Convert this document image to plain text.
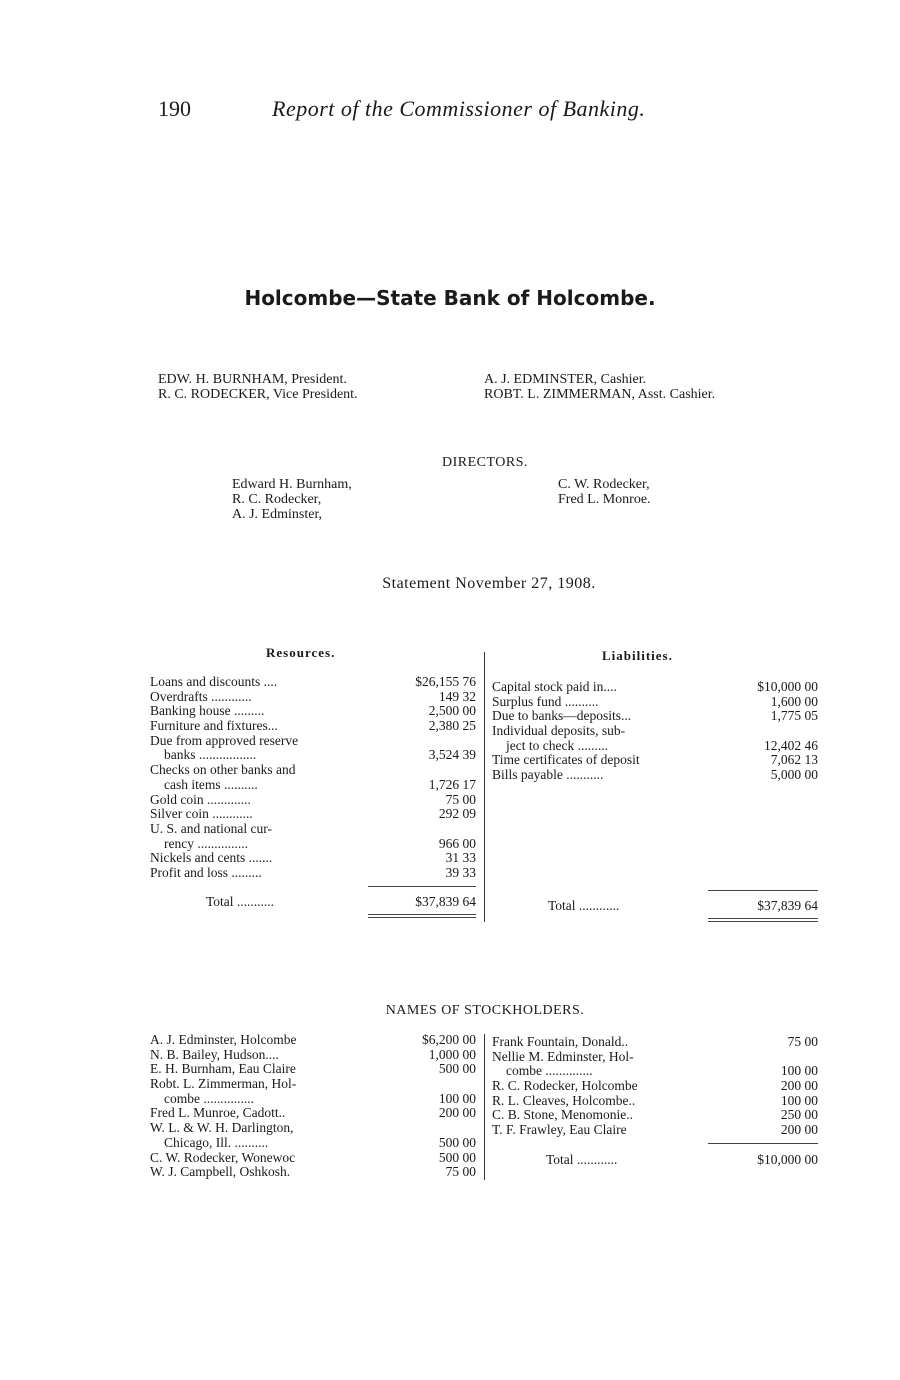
190	Report of the Commissioner of Banking.
Holcombe—State Bank of Holcombe.
EDW. H. BURNHAM, President.
R. C. RODECKER, Vice President.
A. J. EDMINSTER, Cashier.
ROBT. L. ZIMMERMAN, Asst. Cashier.
DIRECTORS.
Edward H. Burnham,
R. C. Rodecker,
A. J. Edminster,
C. W. Rodecker,
Fred L. Monroe.
Statement November 27, 1908.
Resources.	Liabilities.
Loans and discounts ....	$26,155 76
Overdrafts ............	149 32
Banking house .........	2,500 00
Furniture and fixtures...	2,380 25
Due from approved reserve
banks .................	3,524 39
Checks on other banks and
cash items ..........	1,726 17
Gold coin .............	75 00
Silver coin ............	292 09
U. S. and national cur-
rency ...............	966 00
Nickels and cents .......	31 33
Profit and loss .........	39 33
Total ...........	$37,839 64
Capital stock paid in....	$10,000 00
Surplus fund ..........	1,600 00
Due to banks—deposits...	1,775 05
Individual deposits, sub-
ject to check .........	12,402 46
Time certificates of deposit	7,062 13
Bills payable ...........	5,000 00
Total ............	$37,839 64
NAMES OF STOCKHOLDERS.
A. J. Edminster, Holcombe	$6,200 00
N. B. Bailey, Hudson....	1,000 00
E. H. Burnham, Eau Claire	500 00
Robt. L. Zimmerman, Hol-
combe ...............	100 00
Fred L. Munroe, Cadott..	200 00
W. L. & W. H. Darlington,
Chicago, Ill. ..........	500 00
C. W. Rodecker, Wonewoc	500 00
W. J. Campbell, Oshkosh.	75 00
Frank Fountain, Donald..	75 00
Nellie M. Edminster, Hol-
combe ..............	100 00
R. C. Rodecker, Holcombe	200 00
R. L. Cleaves, Holcombe..	100 00
C. B. Stone, Menomonie..	250 00
T. F. Frawley, Eau Claire	200 00
Total ............	$10,000 00
